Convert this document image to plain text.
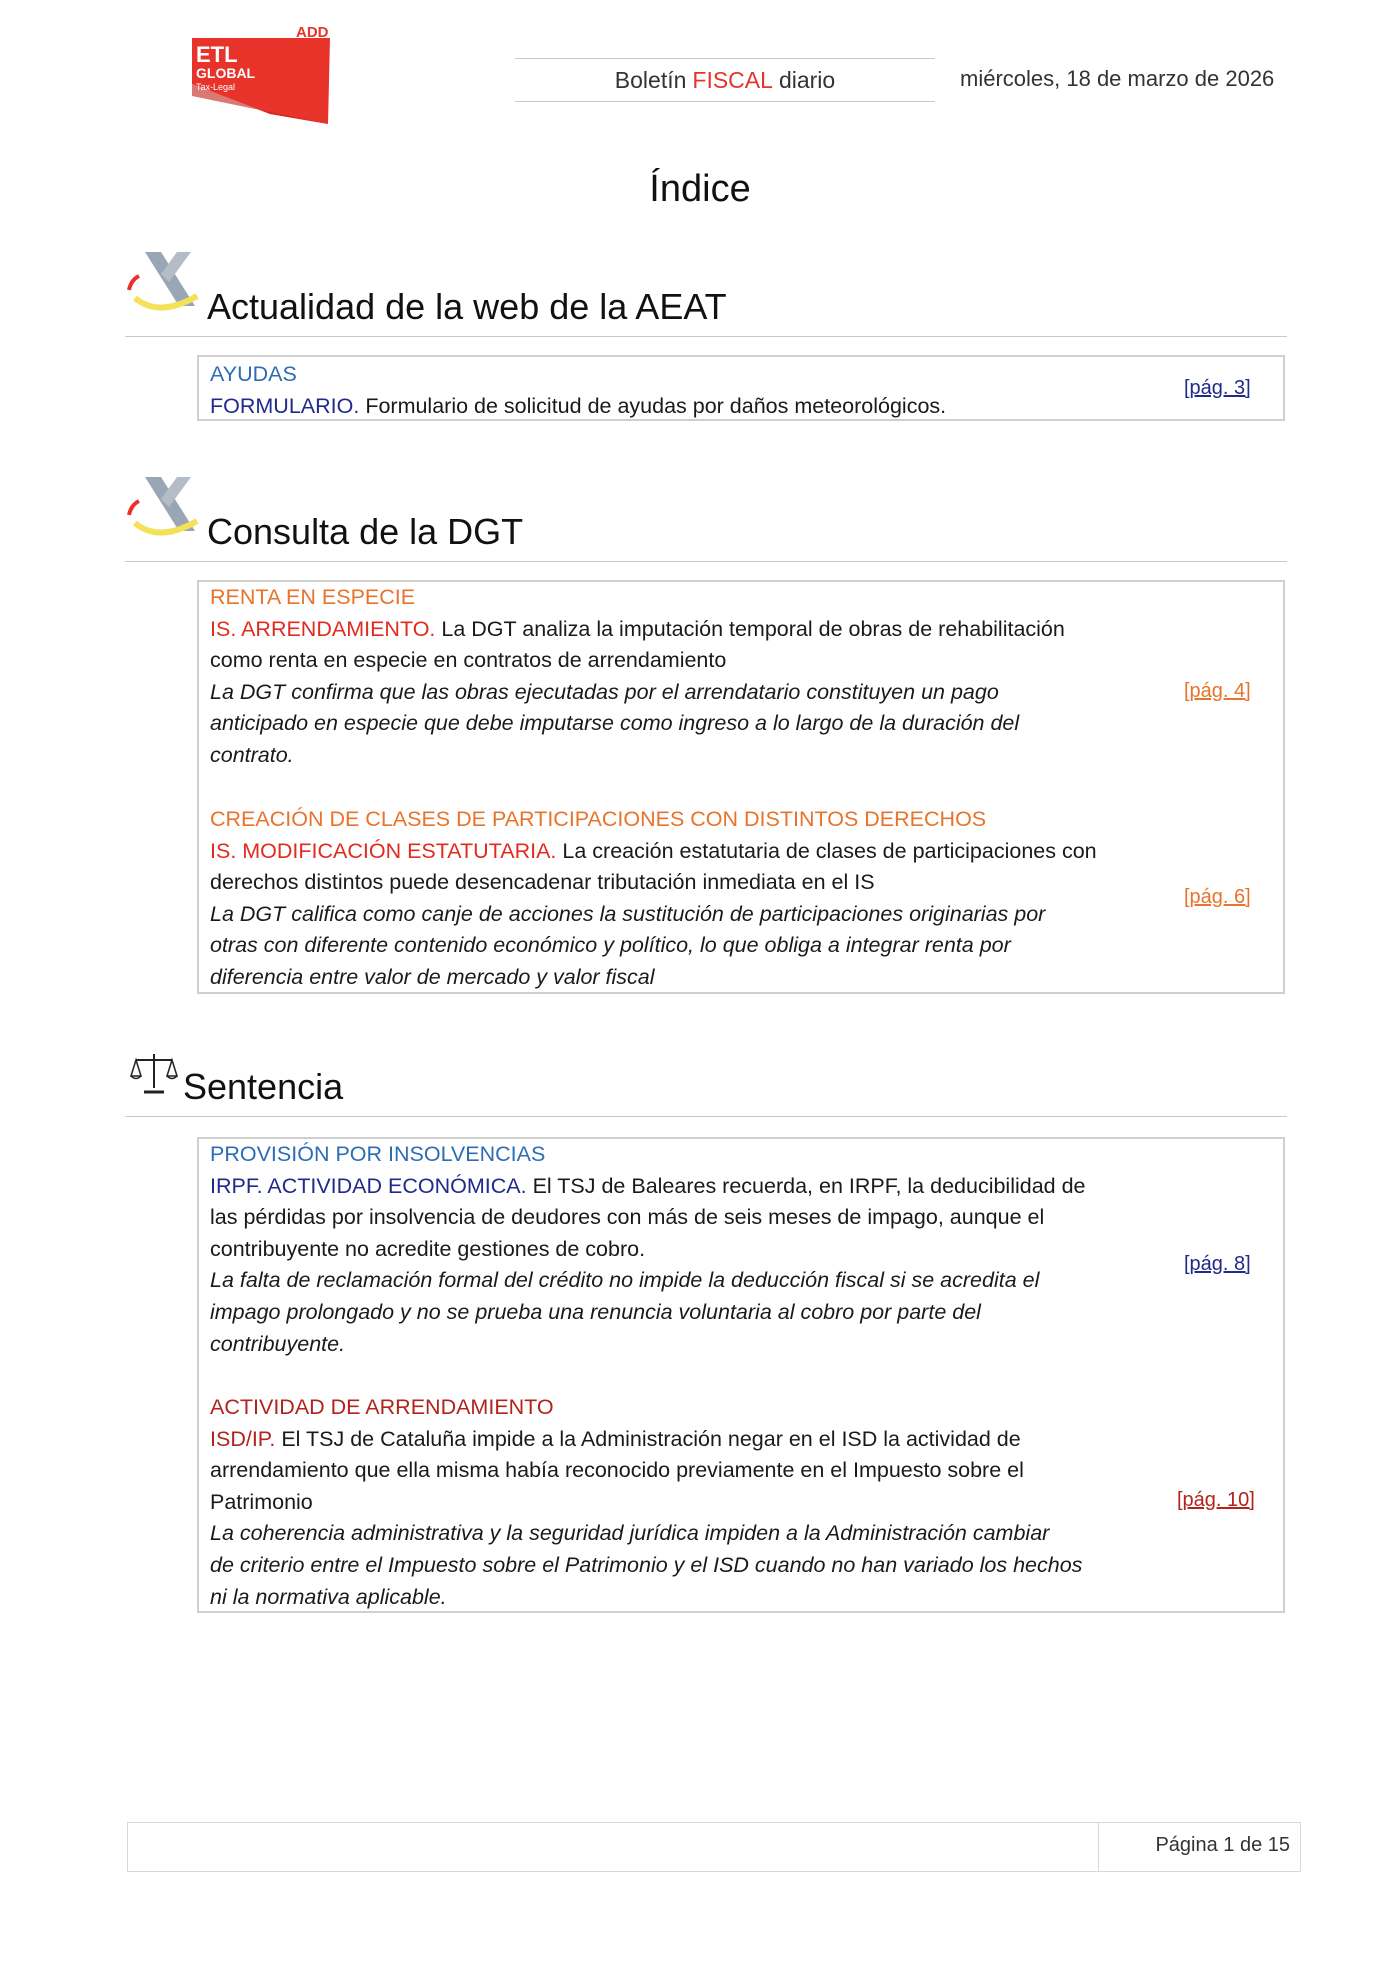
ADD
ETL
GLOBAL
Tax-Legal	Boletín FISCAL diario	miércoles, 18 de marzo de 2026
Índice
Actualidad de la web de la AEAT
AYUDAS
FORMULARIO. Formulario de solicitud de ayudas por daños meteorológicos.
[pág. 3]
Consulta de la DGT
RENTA EN ESPECIE
IS. ARRENDAMIENTO. La DGT analiza la imputación temporal de obras de rehabilitación
como renta en especie en contratos de arrendamiento
La DGT confirma que las obras ejecutadas por el arrendatario constituyen un pago
anticipado en especie que debe imputarse como ingreso a lo largo de la duración del
contrato.
[pág. 4]
CREACIÓN DE CLASES DE PARTICIPACIONES CON DISTINTOS DERECHOS
IS. MODIFICACIÓN ESTATUTARIA. La creación estatutaria de clases de participaciones con
derechos distintos puede desencadenar tributación inmediata en el IS
La DGT califica como canje de acciones la sustitución de participaciones originarias por
otras con diferente contenido económico y político, lo que obliga a integrar renta por
diferencia entre valor de mercado y valor fiscal
[pág. 6]
Sentencia
PROVISIÓN POR INSOLVENCIAS
IRPF. ACTIVIDAD ECONÓMICA. El TSJ de Baleares recuerda, en IRPF, la deducibilidad de
las pérdidas por insolvencia de deudores con más de seis meses de impago, aunque el
contribuyente no acredite gestiones de cobro.
La falta de reclamación formal del crédito no impide la deducción fiscal si se acredita el
impago prolongado y no se prueba una renuncia voluntaria al cobro por parte del
contribuyente.
[pág. 8]
ACTIVIDAD DE ARRENDAMIENTO
ISD/IP. El TSJ de Cataluña impide a la Administración negar en el ISD la actividad de
arrendamiento que ella misma había reconocido previamente en el Impuesto sobre el
Patrimonio
La coherencia administrativa y la seguridad jurídica impiden a la Administración cambiar
de criterio entre el Impuesto sobre el Patrimonio y el ISD cuando no han variado los hechos
ni la normativa aplicable.
[pág. 10]
Página 1 de 15
